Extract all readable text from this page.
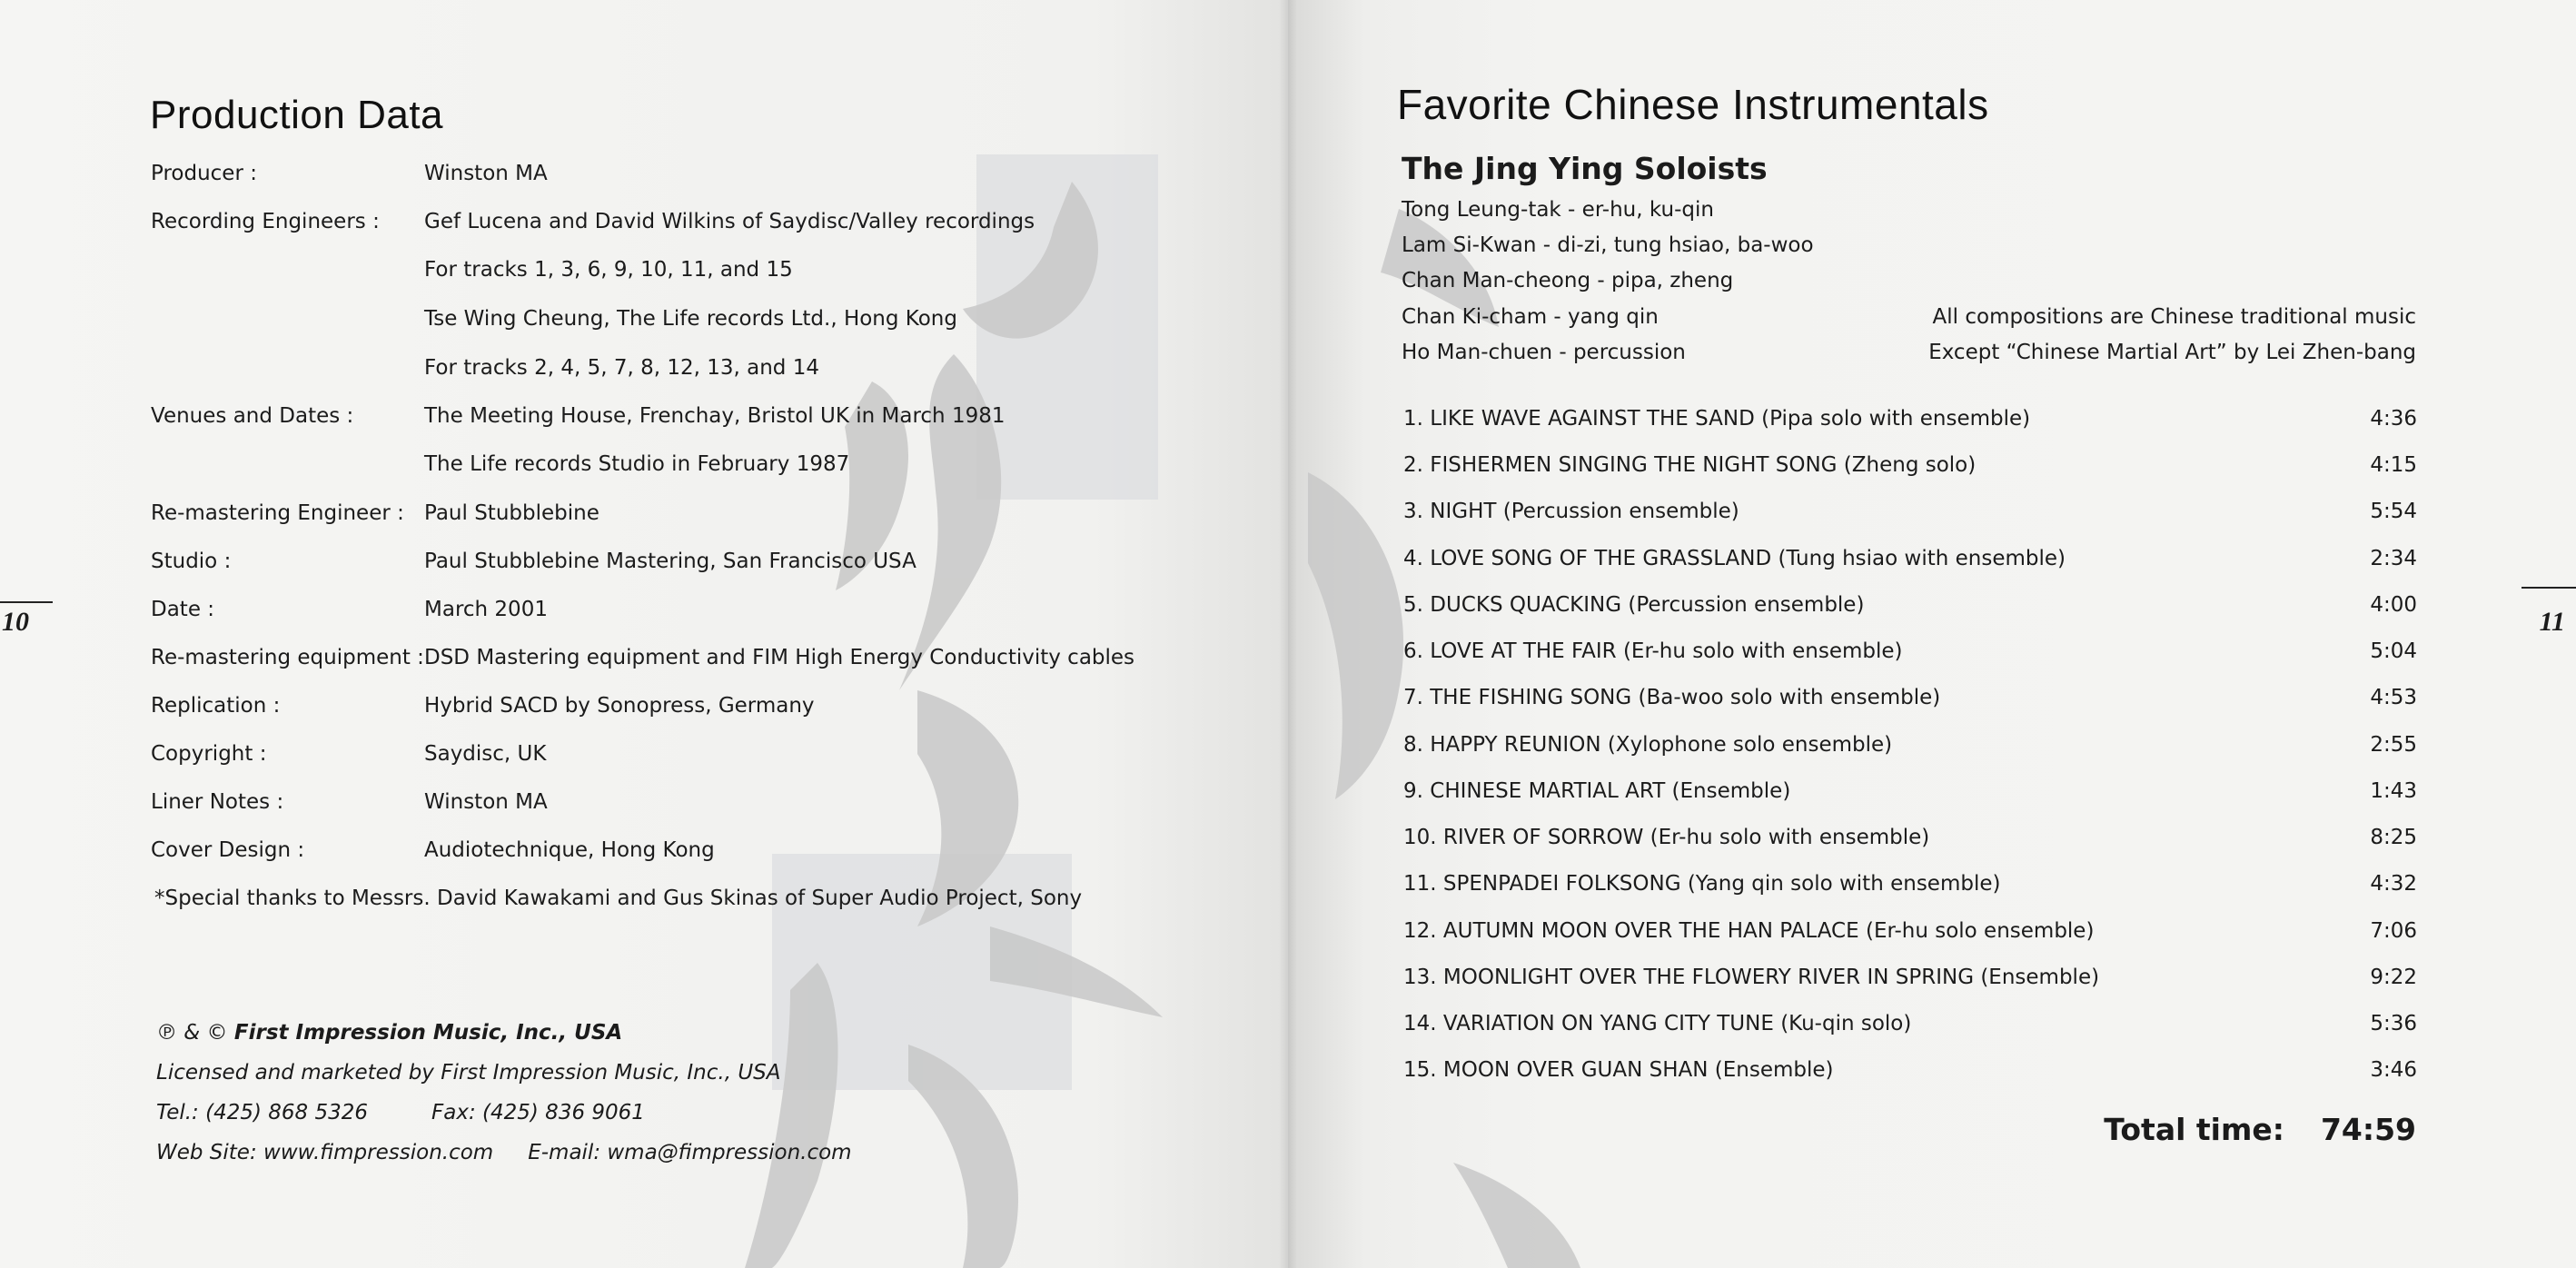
Production Data
Producer :	Winston MA
Recording Engineers : Gef Lucena and David Wilkins of Saydisc/Valley recordings
For tracks 1, 3, 6, 9, 10, 11, and 15
Tse Wing Cheung, The Life records Ltd., Hong Kong
For tracks 2, 4, 5, 7, 8, 12, 13, and 14
Venues and Dates :	The Meeting House, Frenchay, Bristol UK in March 1981
The Life records Studio in February 1987
Re-mastering Engineer : Paul Stubblebine
Studio :	Paul Stubblebine Mastering, San Francisco USA
Date :	March 2001
Re-mastering equipment : DSD Mastering equipment and FIM High Energy Conductivity cables
Replication :	Hybrid SACD by Sonopress, Germany
Copyright :	Saydisc, UK
Liner Notes :	Winston MA
Cover Design :	Audiotechnique, Hong Kong
*Special thanks to Messrs. David Kawakami and Gus Skinas of Super Audio Project, Sony
℗ & © First Impression Music, Inc., USA
Licensed and marketed by First Impression Music, Inc., USA
Tel.: (425) 868 5326	Fax: (425) 836 9061
Web Site: www.fimpression.com E-mail: wma@fimpression.com
10
Favorite Chinese Instrumentals
The Jing Ying Soloists
Tong Leung-tak - er-hu, ku-qin
Lam Si-Kwan - di-zi, tung hsiao, ba-woo
Chan Man-cheong - pipa, zheng
Chan Ki-cham - yang qin
Ho Man-chuen - percussion
All compositions are Chinese traditional music
Except “Chinese Martial Art” by Lei Zhen-bang
1. LIKE WAVE AGAINST THE SAND (Pipa solo with ensemble)	4:36
2. FISHERMEN SINGING THE NIGHT SONG (Zheng solo)	4:15
3. NIGHT (Percussion ensemble)	5:54
4. LOVE SONG OF THE GRASSLAND (Tung hsiao with ensemble)	2:34
5. DUCKS QUACKING (Percussion ensemble)	4:00
6. LOVE AT THE FAIR (Er-hu solo with ensemble)	5:04
7. THE FISHING SONG (Ba-woo solo with ensemble)	4:53
8. HAPPY REUNION (Xylophone solo ensemble)	2:55
9. CHINESE MARTIAL ART (Ensemble)	1:43
10. RIVER OF SORROW (Er-hu solo with ensemble)	8:25
11. SPENPADEI FOLKSONG (Yang qin solo with ensemble)	4:32
12. AUTUMN MOON OVER THE HAN PALACE (Er-hu solo ensemble)	7:06
13. MOONLIGHT OVER THE FLOWERY RIVER IN SPRING (Ensemble)	9:22
14. VARIATION ON YANG CITY TUNE (Ku-qin solo)	5:36
15. MOON OVER GUAN SHAN (Ensemble)	3:46
Total time: 74:59
11
